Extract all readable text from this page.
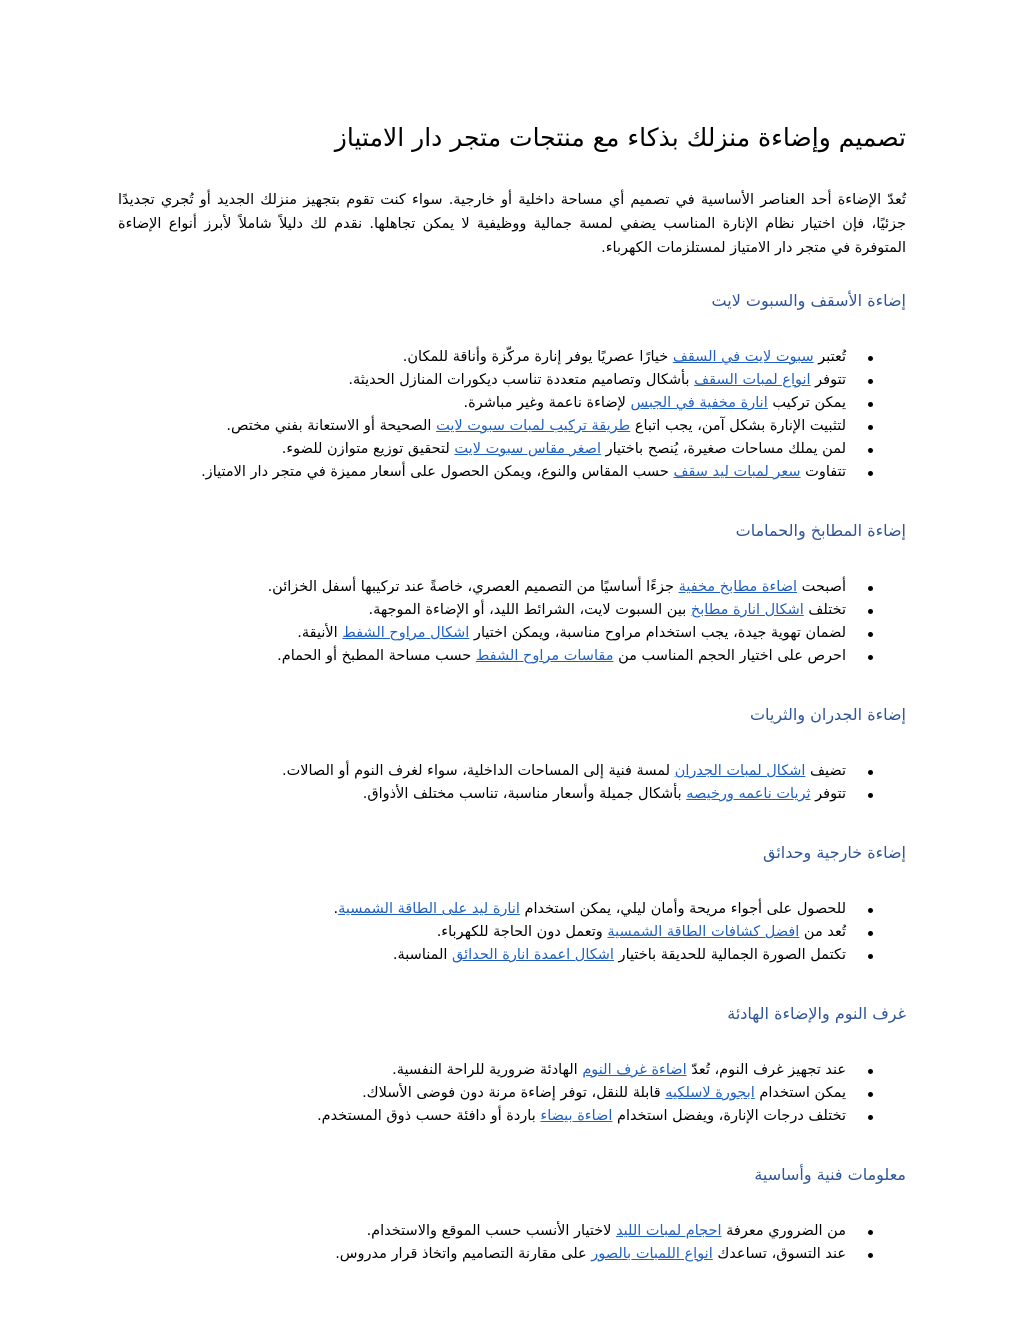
تصميم وإضاءة منزلك بذكاء مع منتجات متجر دار الامتياز

تُعدّ الإضاءة أحد العناصر الأساسية في تصميم أي مساحة داخلية أو خارجية. سواء كنت تقوم بتجهيز منزلك الجديد أو تُجري تجديدًا جزئيًا، فإن اختيار نظام الإنارة المناسب يضفي لمسة جمالية ووظيفية لا يمكن تجاهلها. نقدم لك دليلاً شاملاً لأبرز أنواع الإضاءة المتوفرة في متجر دار الامتياز لمستلزمات الكهرباء.

إضاءة الأسقف والسبوت لايت
تُعتبر سبوت لايت في السقف خيارًا عصريًا يوفر إنارة مركّزة وأناقة للمكان.
تتوفر انواع لمبات السقف بأشكال وتصاميم متعددة تناسب ديكورات المنازل الحديثة.
يمكن تركيب انارة مخفية في الجبس لإضاءة ناعمة وغير مباشرة.
لتثبيت الإنارة بشكل آمن، يجب اتباع طريقة تركيب لمبات سبوت لايت الصحيحة أو الاستعانة بفني مختص.
لمن يملك مساحات صغيرة، يُنصح باختيار اصغر مقاس سبوت لايت لتحقيق توزيع متوازن للضوء.
تتفاوت سعر لمبات ليد سقف حسب المقاس والنوع، ويمكن الحصول على أسعار مميزة في متجر دار الامتياز.
إضاءة المطابخ والحمامات
أصبحت اضاءة مطابخ مخفية جزءًا أساسيًا من التصميم العصري، خاصةً عند تركيبها أسفل الخزائن.
تختلف اشكال انارة مطابخ بين السبوت لايت، الشرائط الليد، أو الإضاءة الموجهة.
لضمان تهوية جيدة، يجب استخدام مراوح مناسبة، ويمكن اختيار اشكال مراوح الشفط الأنيقة.
احرص على اختيار الحجم المناسب من مقاسات مراوح الشفط حسب مساحة المطبخ أو الحمام.
إضاءة الجدران والثريات
تضيف اشكال لمبات الجدران لمسة فنية إلى المساحات الداخلية، سواء لغرف النوم أو الصالات.
تتوفر ثريات ناعمه ورخيصه بأشكال جميلة وأسعار مناسبة، تناسب مختلف الأذواق.
إضاءة خارجية وحدائق
للحصول على أجواء مريحة وأمان ليلي، يمكن استخدام انارة ليد على الطاقة الشمسية.
تُعد من افضل كشافات الطاقة الشمسية وتعمل دون الحاجة للكهرباء.
تكتمل الصورة الجمالية للحديقة باختيار اشكال اعمدة انارة الحدائق المناسبة.
غرف النوم والإضاءة الهادئة
عند تجهيز غرف النوم، تُعدّ اضاءة غرف النوم الهادئة ضرورية للراحة النفسية.
يمكن استخدام ابجورة لاسلكيه قابلة للنقل، توفر إضاءة مرنة دون فوضى الأسلاك.
تختلف درجات الإنارة، ويفضل استخدام اضاءة بيضاء باردة أو دافئة حسب ذوق المستخدم.
معلومات فنية وأساسية
من الضروري معرفة احجام لمبات الليد لاختيار الأنسب حسب الموقع والاستخدام.
عند التسوق، تساعدك انواع اللمبات بالصور على مقارنة التصاميم واتخاذ قرار مدروس.
